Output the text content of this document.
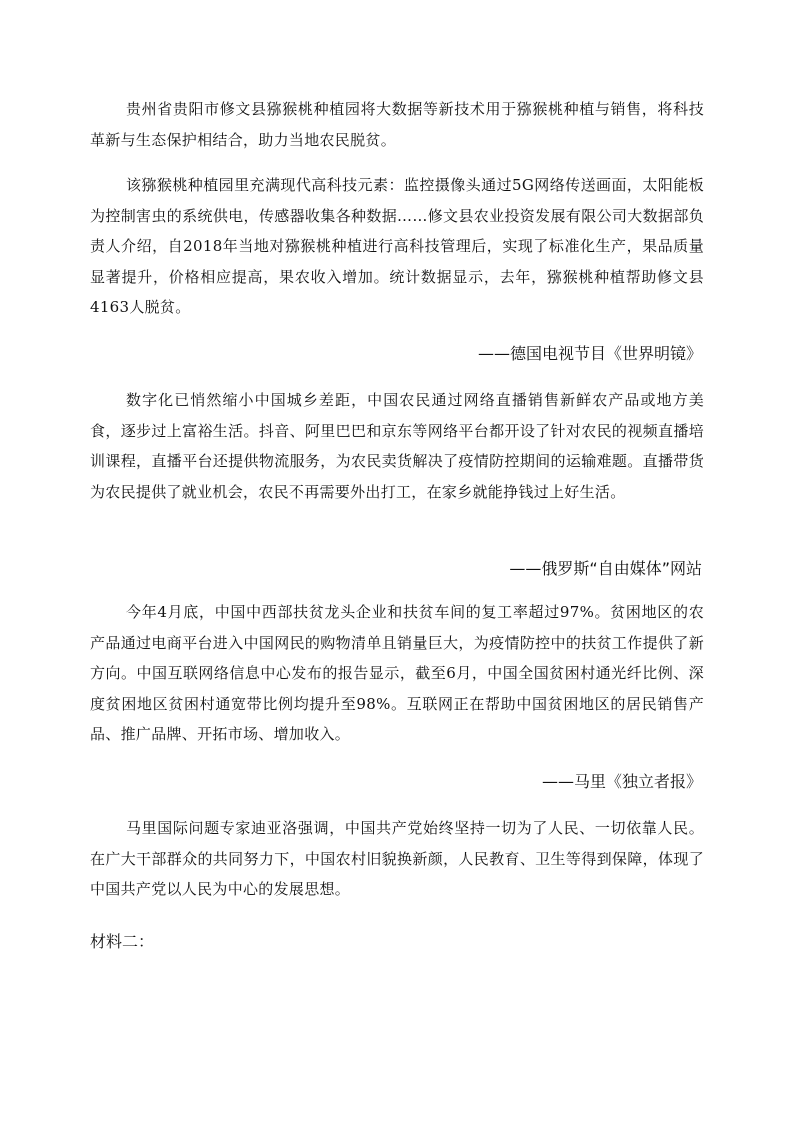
贵州省贵阳市修文县猕猴桃种植园将大数据等新技术用于猕猴桃种植与销售，将科技革新与生态保护相结合，助力当地农民脱贫。

该猕猴桃种植园里充满现代高科技元素：监控摄像头通过5G网络传送画面，太阳能板为控制害虫的系统供电，传感器收集各种数据……修文县农业投资发展有限公司大数据部负责人介绍，自2018年当地对猕猴桃种植进行高科技管理后，实现了标准化生产，果品质量显著提升，价格相应提高，果农收入增加。统计数据显示，去年，猕猴桃种植帮助修文县4163人脱贫。

——德国电视节目《世界明镜》

数字化已悄然缩小中国城乡差距，中国农民通过网络直播销售新鲜农产品或地方美食，逐步过上富裕生活。抖音、阿里巴巴和京东等网络平台都开设了针对农民的视频直播培训课程，直播平台还提供物流服务，为农民卖货解决了疫情防控期间的运输难题。直播带货为农民提供了就业机会，农民不再需要外出打工，在家乡就能挣钱过上好生活。

——俄罗斯“自由媒体”网站

今年4月底，中国中西部扶贫龙头企业和扶贫车间的复工率超过97%。贫困地区的农产品通过电商平台进入中国网民的购物清单且销量巨大，为疫情防控中的扶贫工作提供了新方向。中国互联网络信息中心发布的报告显示，截至6月，中国全国贫困村通光纤比例、深度贫困地区贫困村通宽带比例均提升至98%。互联网正在帮助中国贫困地区的居民销售产品、推广品牌、开拓市场、增加收入。

——马里《独立者报》

马里国际问题专家迪亚洛强调，中国共产党始终坚持一切为了人民、一切依靠人民。在广大干部群众的共同努力下，中国农村旧貌换新颜，人民教育、卫生等得到保障，体现了中国共产党以人民为中心的发展思想。

材料二：
